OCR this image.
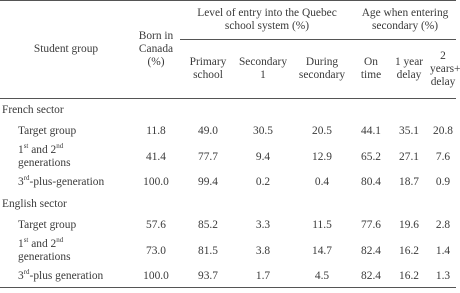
Student group	Born in Canada (%)	Level of entry into the Quebec school system (%)			Age when entering secondary (%)		
		Primary school	Secondary 1	During secondary	On time	1 year delay	2 years+ delay
French sector							
Target group	11.8	49.0	30.5	20.5	44.1	35.1	20.8
1st and 2nd
generations	41.4	77.7	9.4	12.9	65.2	27.1	7.6
3rd-plus-generation	100.0	99.4	0.2	0.4	80.4	18.7	0.9
English sector							
Target group	57.6	85.2	3.3	11.5	77.6	19.6	2.8
1st and 2nd
generations	73.0	81.5	3.8	14.7	82.4	16.2	1.4
3rd-plus generation	100.0	93.7	1.7	4.5	82.4	16.2	1.3
